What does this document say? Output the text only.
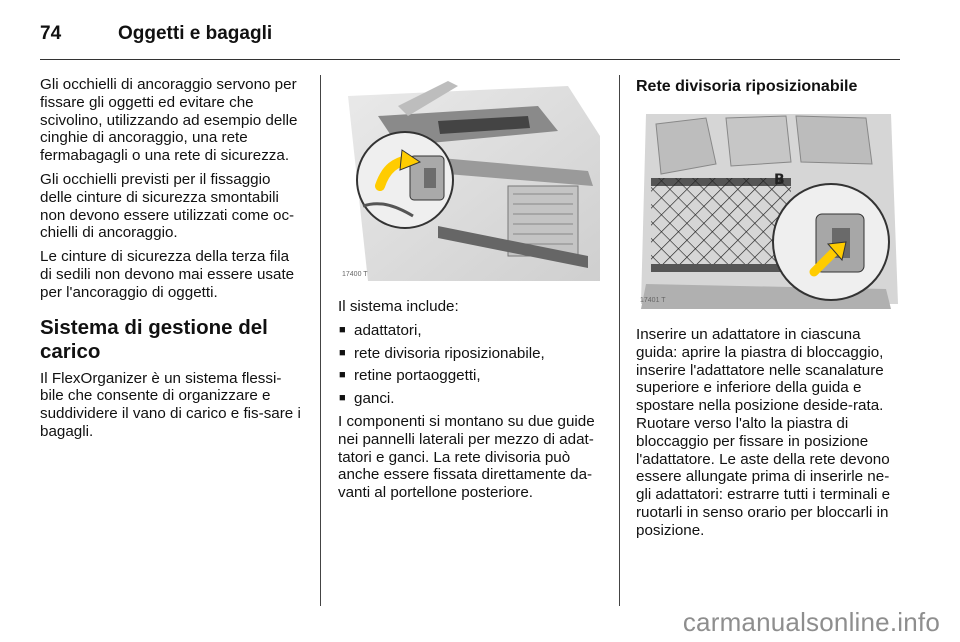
74	Oggetti e bagagli

Gli occhielli di ancoraggio servono per fissare gli oggetti ed evitare che scivolino, utilizzando ad esempio delle cinghie di ancoraggio, una rete fermabagagli o una rete di sicurezza.

Gli occhielli previsti per il fissaggio delle cinture di sicurezza smontabili non devono essere utilizzati come oc-chielli di ancoraggio.

Le cinture di sicurezza della terza fila di sedili non devono mai essere usate per l'ancoraggio di oggetti.

Sistema di gestione del carico

Il FlexOrganizer è un sistema flessi-bile che consente di organizzare e suddividere il vano di carico e fis-sare i bagagli.

17400 T

Il sistema include:

■ adattatori,
■ rete divisoria riposizionabile,
■ retine portaoggetti,
■ ganci.

I componenti si montano su due guide nei pannelli laterali per mezzo di adat-tatori e ganci. La rete divisoria può anche essere fissata direttamente da-vanti al portellone posteriore.

Rete divisoria riposizionabile
B
17401 T

Inserire un adattatore in ciascuna guida: aprire la piastra di bloccaggio, inserire l'adattatore nelle scanalature superiore e inferiore della guida e spostare nella posizione deside-rata. Ruotare verso l'alto la piastra di bloccaggio per fissare in posizione l'adattatore. Le aste della rete devono essere allungate prima di inserirle ne-gli adattatori: estrarre tutti i terminali e ruotarli in senso orario per bloccarli in posizione.

carmanualsonline.info
